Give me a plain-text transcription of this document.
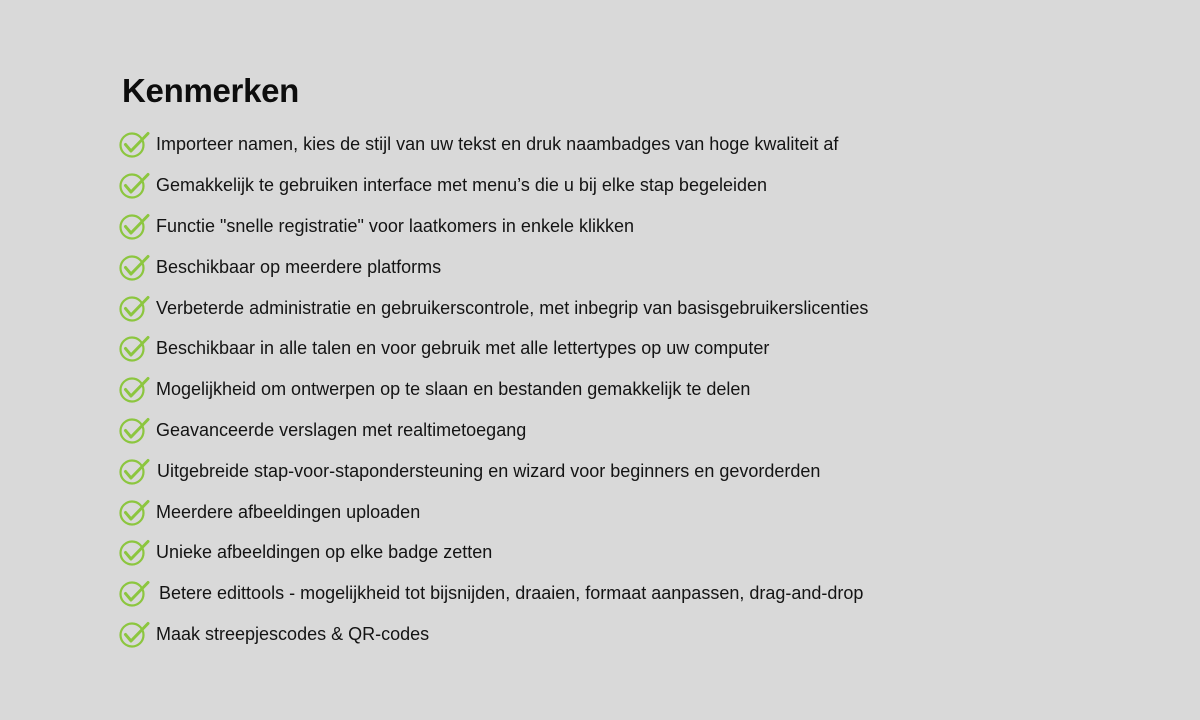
Kenmerken
Importeer namen, kies de stijl van uw tekst en druk naambadges van hoge kwaliteit af
Gemakkelijk te gebruiken interface met menu’s die u bij elke stap begeleiden
Functie "snelle registratie" voor laatkomers in enkele klikken
Beschikbaar op meerdere platforms
Verbeterde administratie en gebruikerscontrole, met inbegrip van basisgebruikerslicenties
Beschikbaar in alle talen en voor gebruik met alle lettertypes op uw computer
Mogelijkheid om ontwerpen op te slaan en bestanden gemakkelijk te delen
Geavanceerde verslagen met realtimetoegang
Uitgebreide stap-voor-stapondersteuning en wizard voor beginners en gevorderden
Meerdere afbeeldingen uploaden
Unieke afbeeldingen op elke badge zetten
Betere edittools - mogelijkheid tot bijsnijden, draaien, formaat aanpassen, drag-and-drop
Maak streepjescodes & QR-codes
